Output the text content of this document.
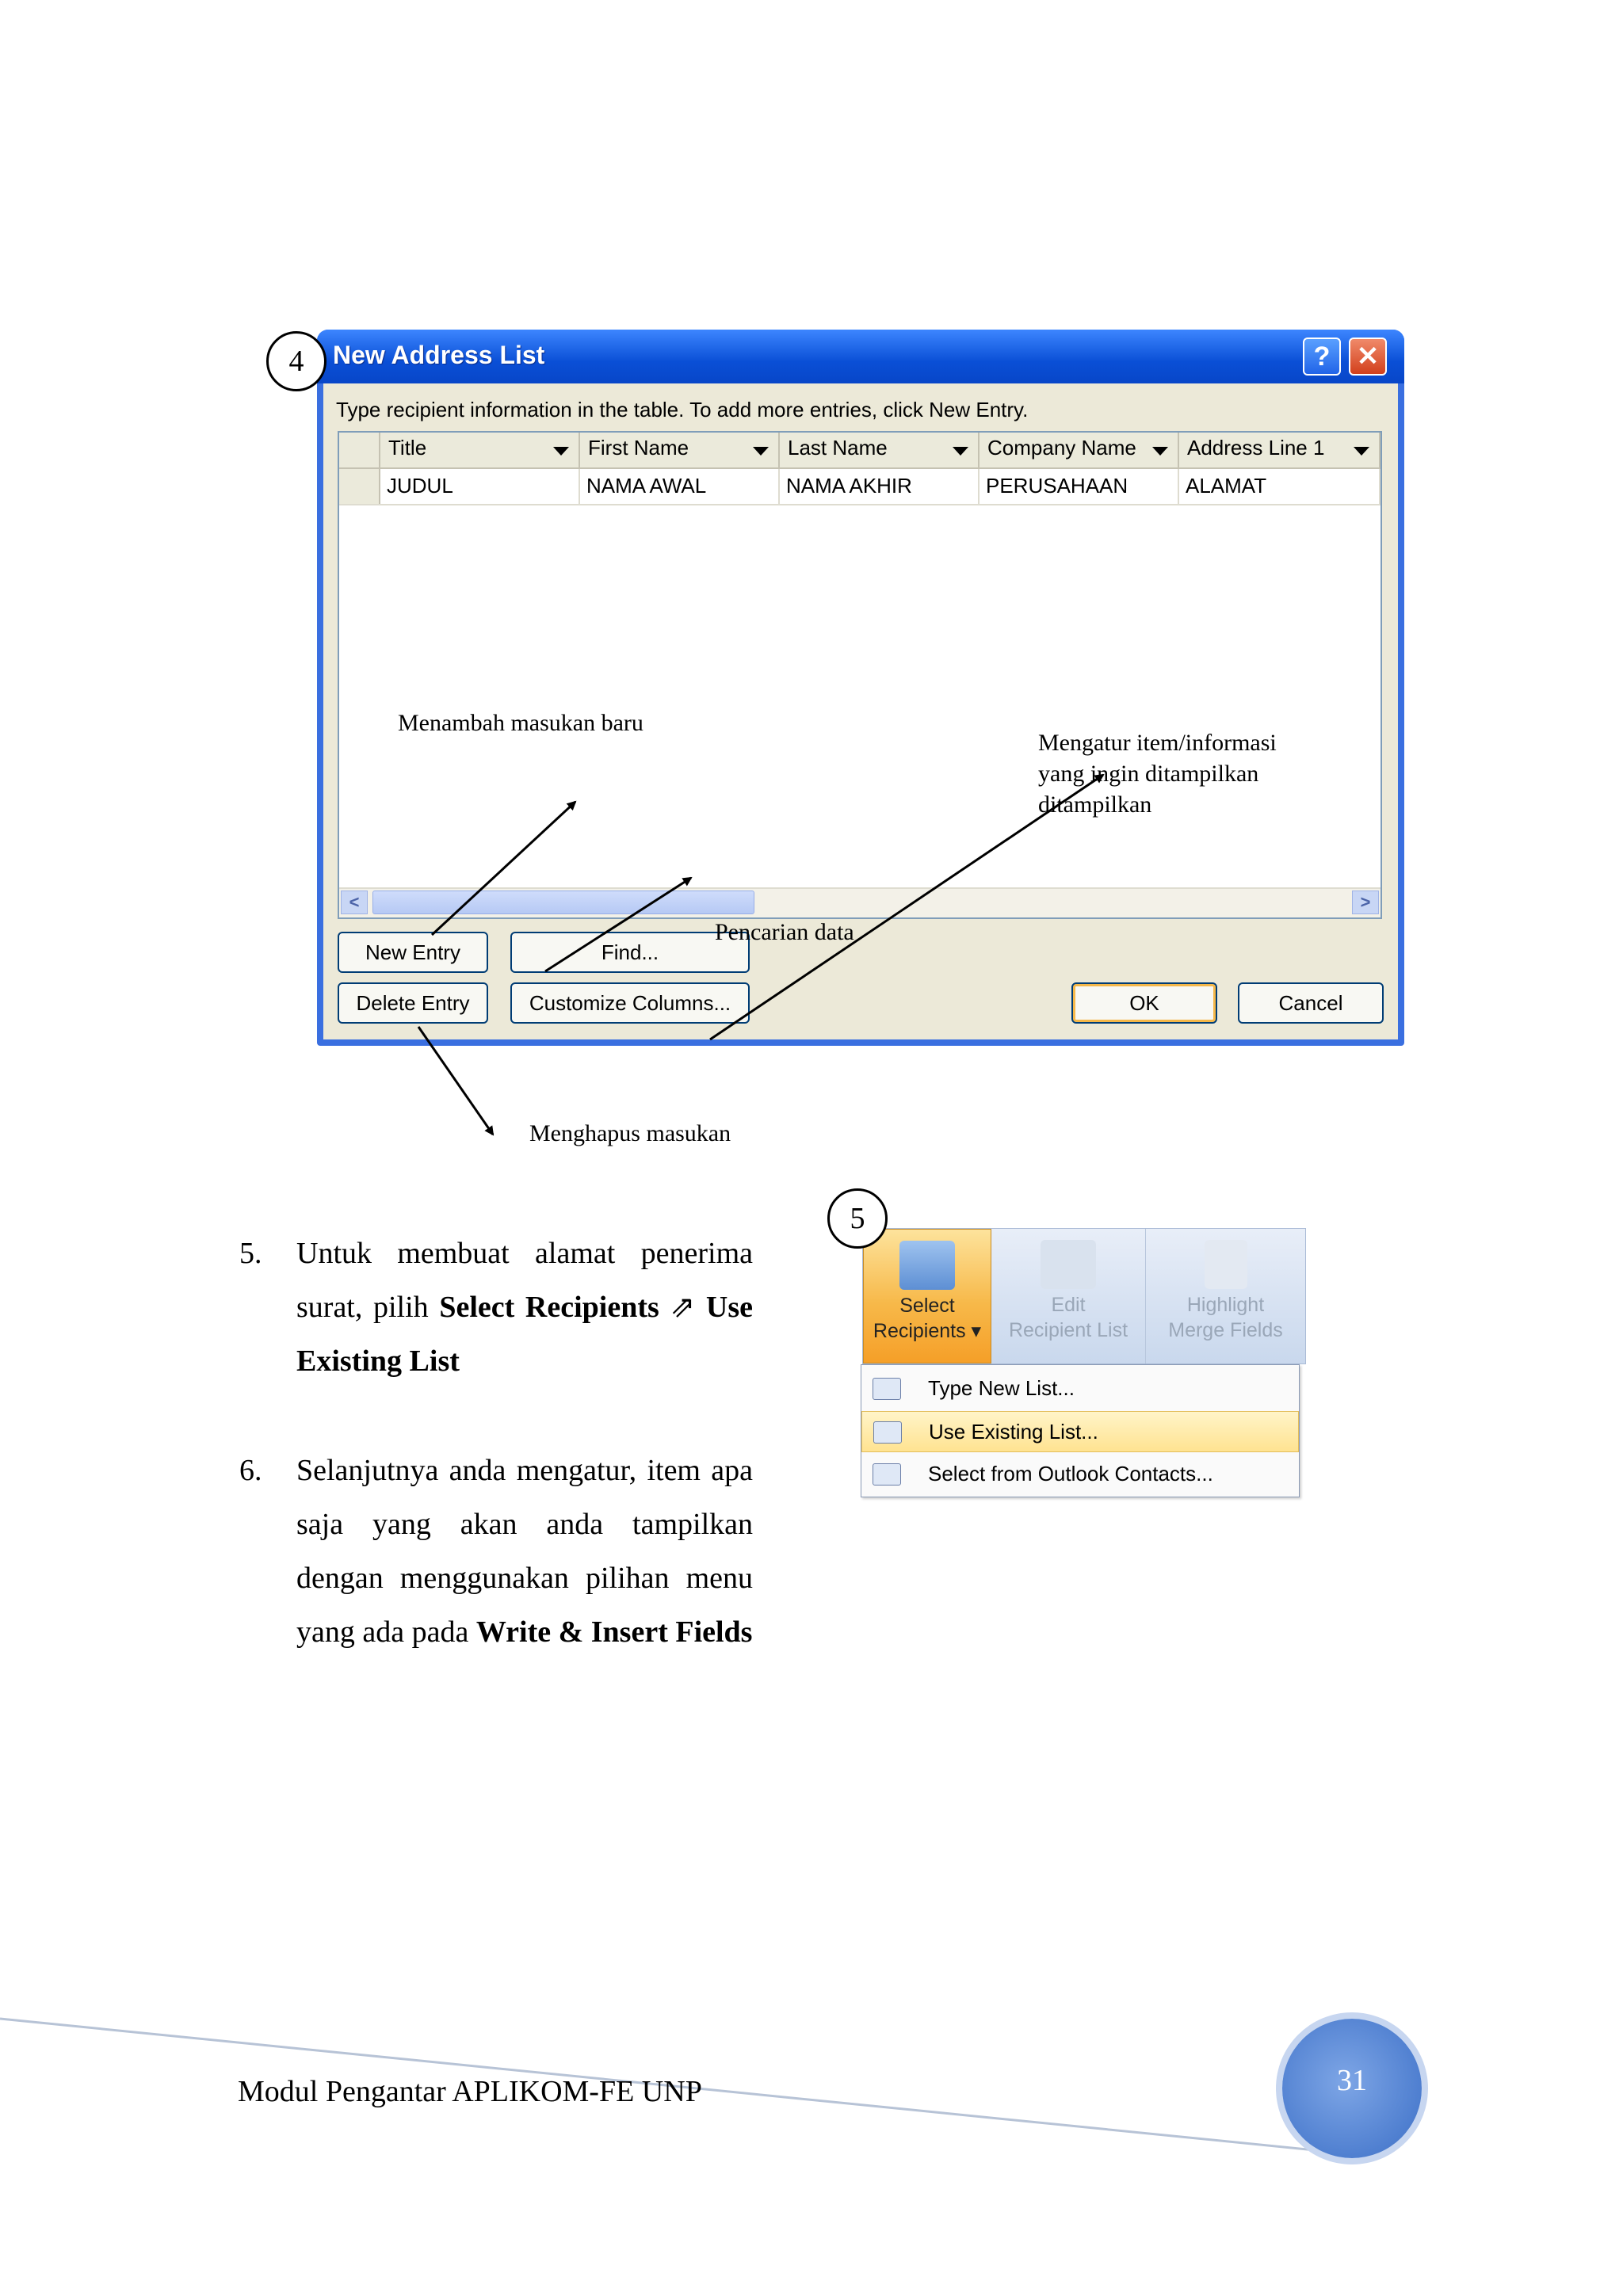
4	New Address List	? ✕
Type recipient information in the table. To add more entries, click New Entry.
Title	First Name	Last Name	Company Name	Address Line 1
JUDUL	NAMA AWAL	NAMA AKHIR	PERUSAHAAN	ALAMAT
<	>
New Entry	Find...
Delete Entry	Customize Columns...	OK	Cancel
Menambah masukan baru
Mengatur item/informasi
yang ingin ditampilkan
ditampilkan
Pencarian data
Menghapus masukan
5. Untuk membuat alamat penerima surat, pilih Select Recipients ⇗ Use Existing List
6. Selanjutnya anda mengatur, item apa saja yang akan anda tampilkan dengan menggunakan pilihan menu yang ada pada Write & Insert Fields
5
Select
Recipients ▾
Edit
Recipient List
Highlight
Merge Fields
Type New List...
Use Existing List...
Select from Outlook Contacts...
Modul Pengantar APLIKOM-FE UNP	31
